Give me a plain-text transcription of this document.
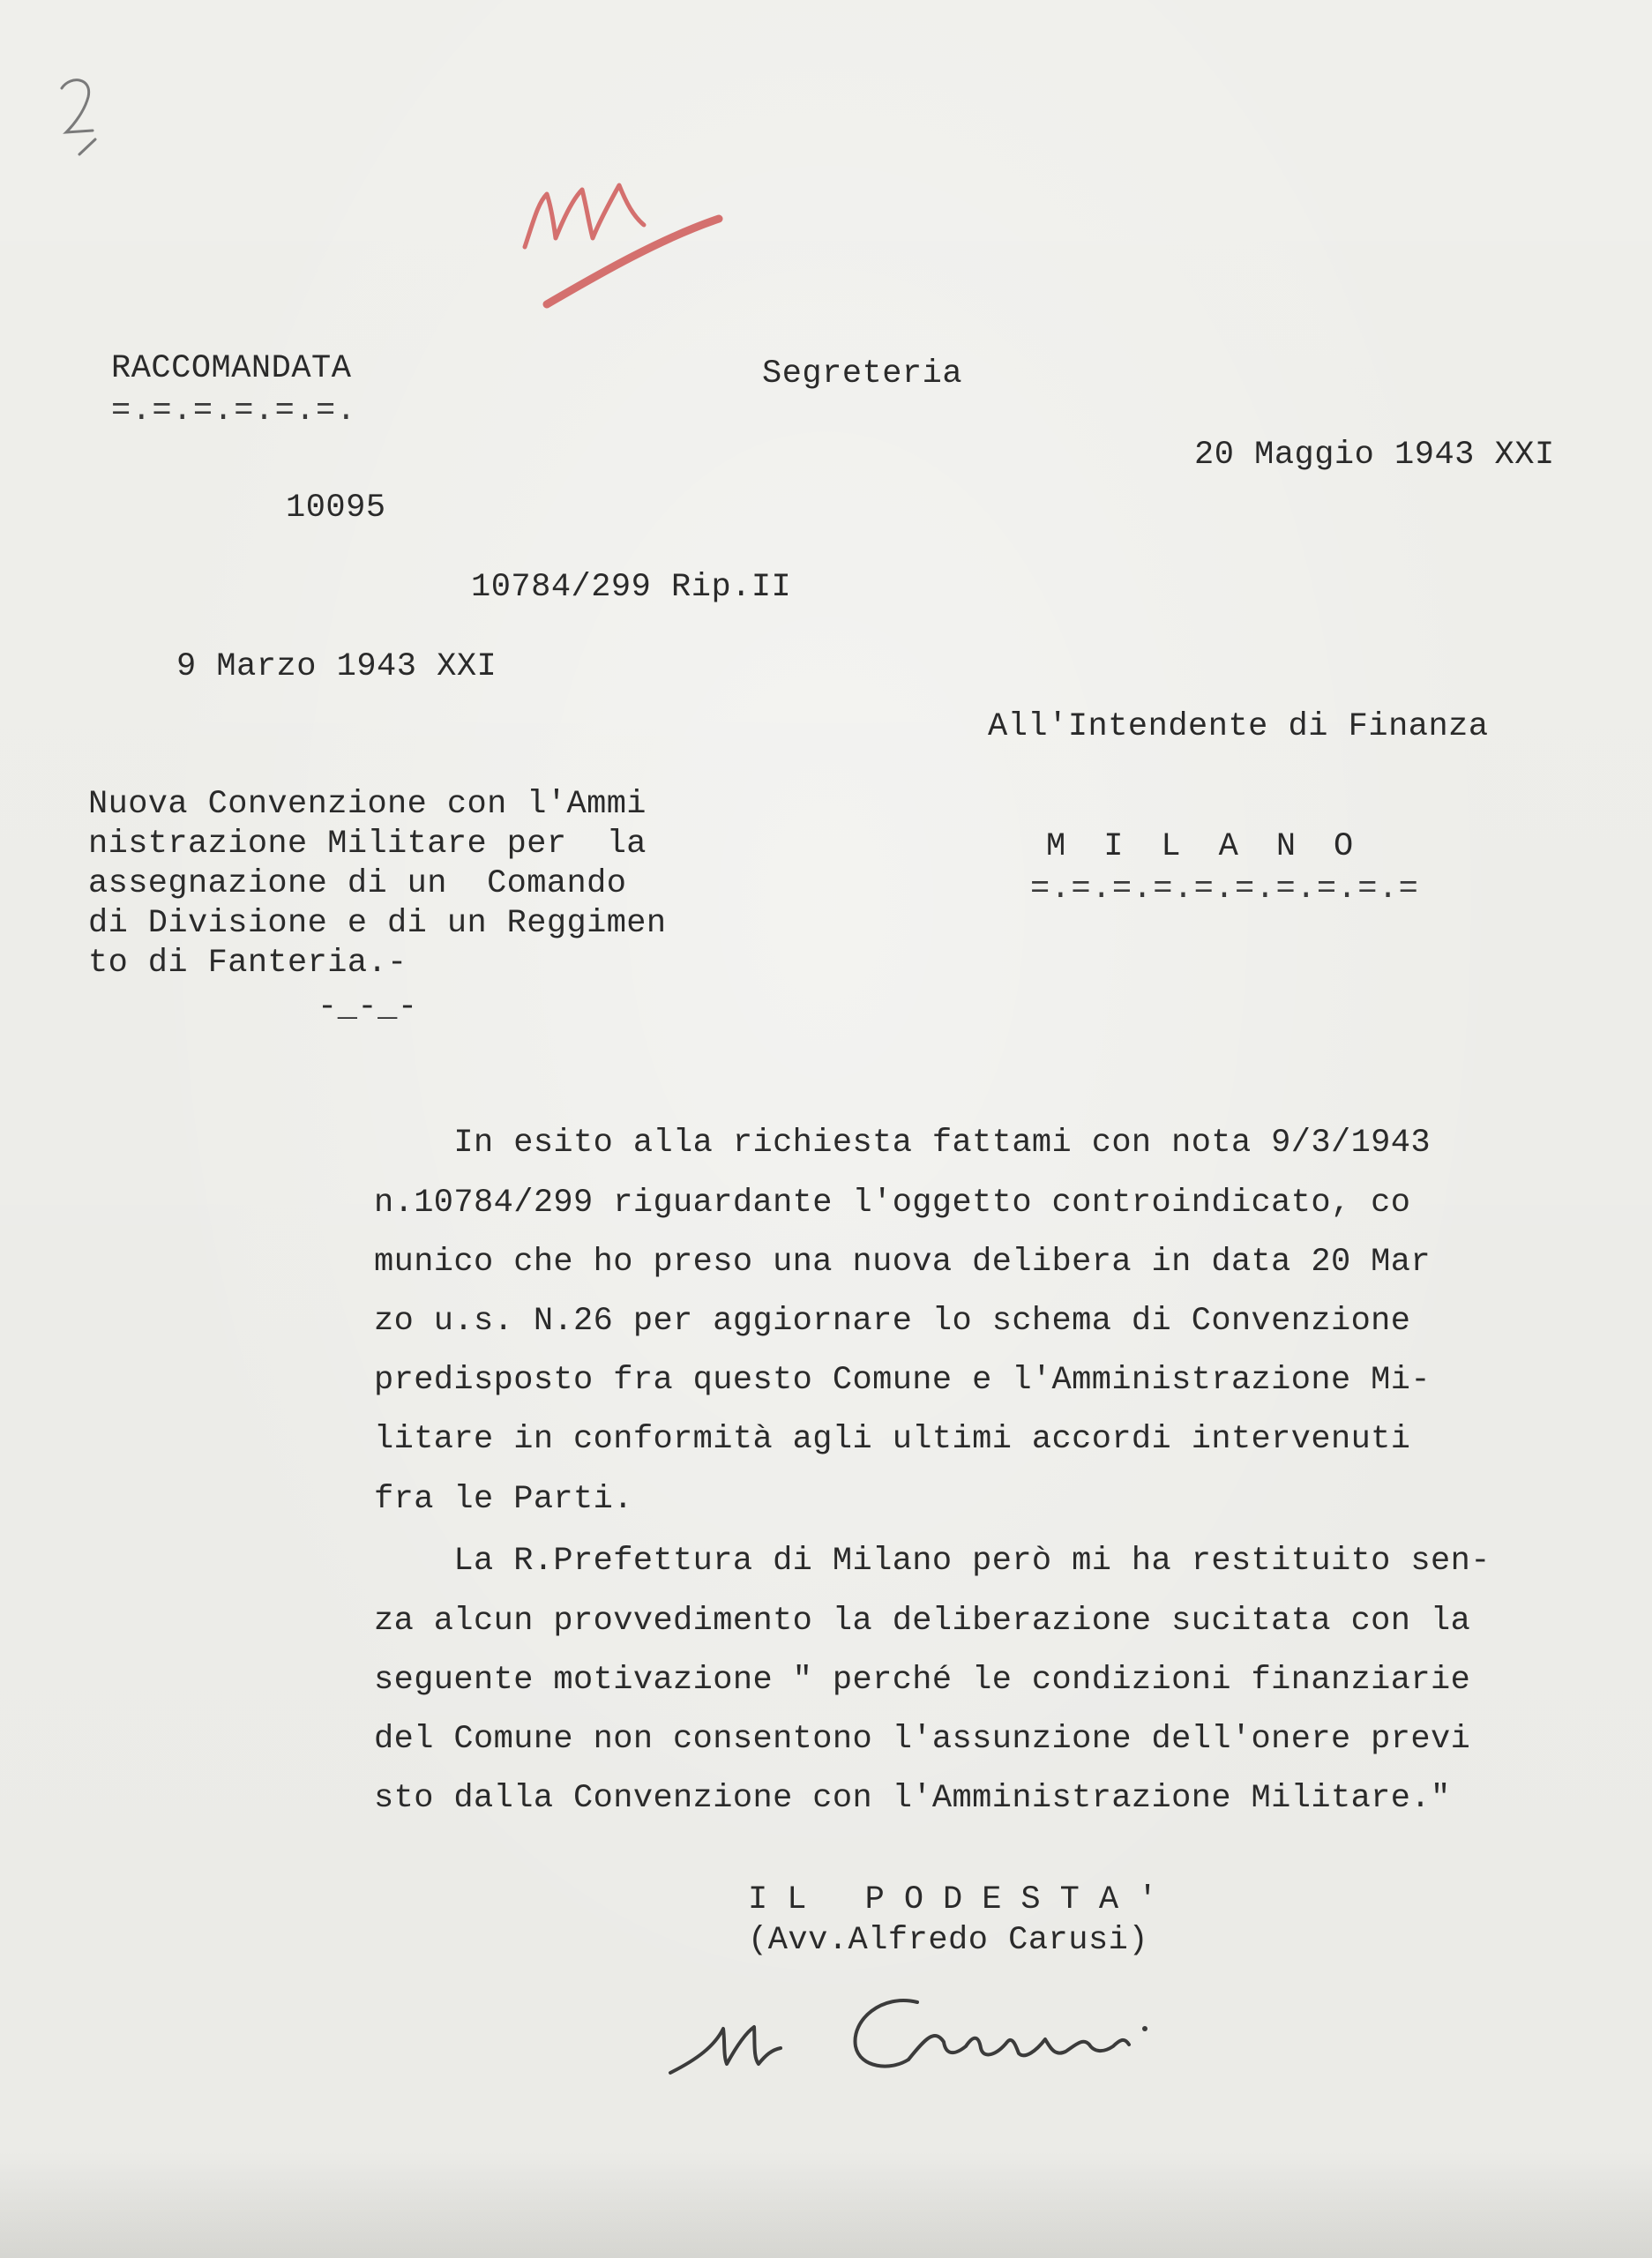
RACCOMANDATA
=.=.=.=.=.=.
Segreteria
20 Maggio 1943 XXI
10095
10784/299 Rip.II
9 Marzo 1943 XXI
All'Intendente di Finanza
MILANO
=.=.=.=.=.=.=.=.=.=
Nuova Convenzione con l'Ammi
nistrazione Militare per  la
assegnazione di un  Comando
di Divisione e di un Reggimen
to di Fanteria.-
-_-_-
In esito alla richiesta fattami con nota 9/3/1943
n.10784/299 riguardante l'oggetto controindicato, co
munico che ho preso una nuova delibera in data 20 Mar
zo u.s. N.26 per aggiornare lo schema di Convenzione
predisposto fra questo Comune e l'Amministrazione Mi-
litare in conformità agli ultimi accordi intervenuti
fra le Parti.
La R.Prefettura di Milano però mi ha restituito sen-
za alcun provvedimento la deliberazione sucitata con la
seguente motivazione " perché le condizioni finanziarie
del Comune non consentono l'assunzione dell'onere previ
sto dalla Convenzione con l'Amministrazione Militare."
IL PODESTA'
(Avv.Alfredo Carusi)
